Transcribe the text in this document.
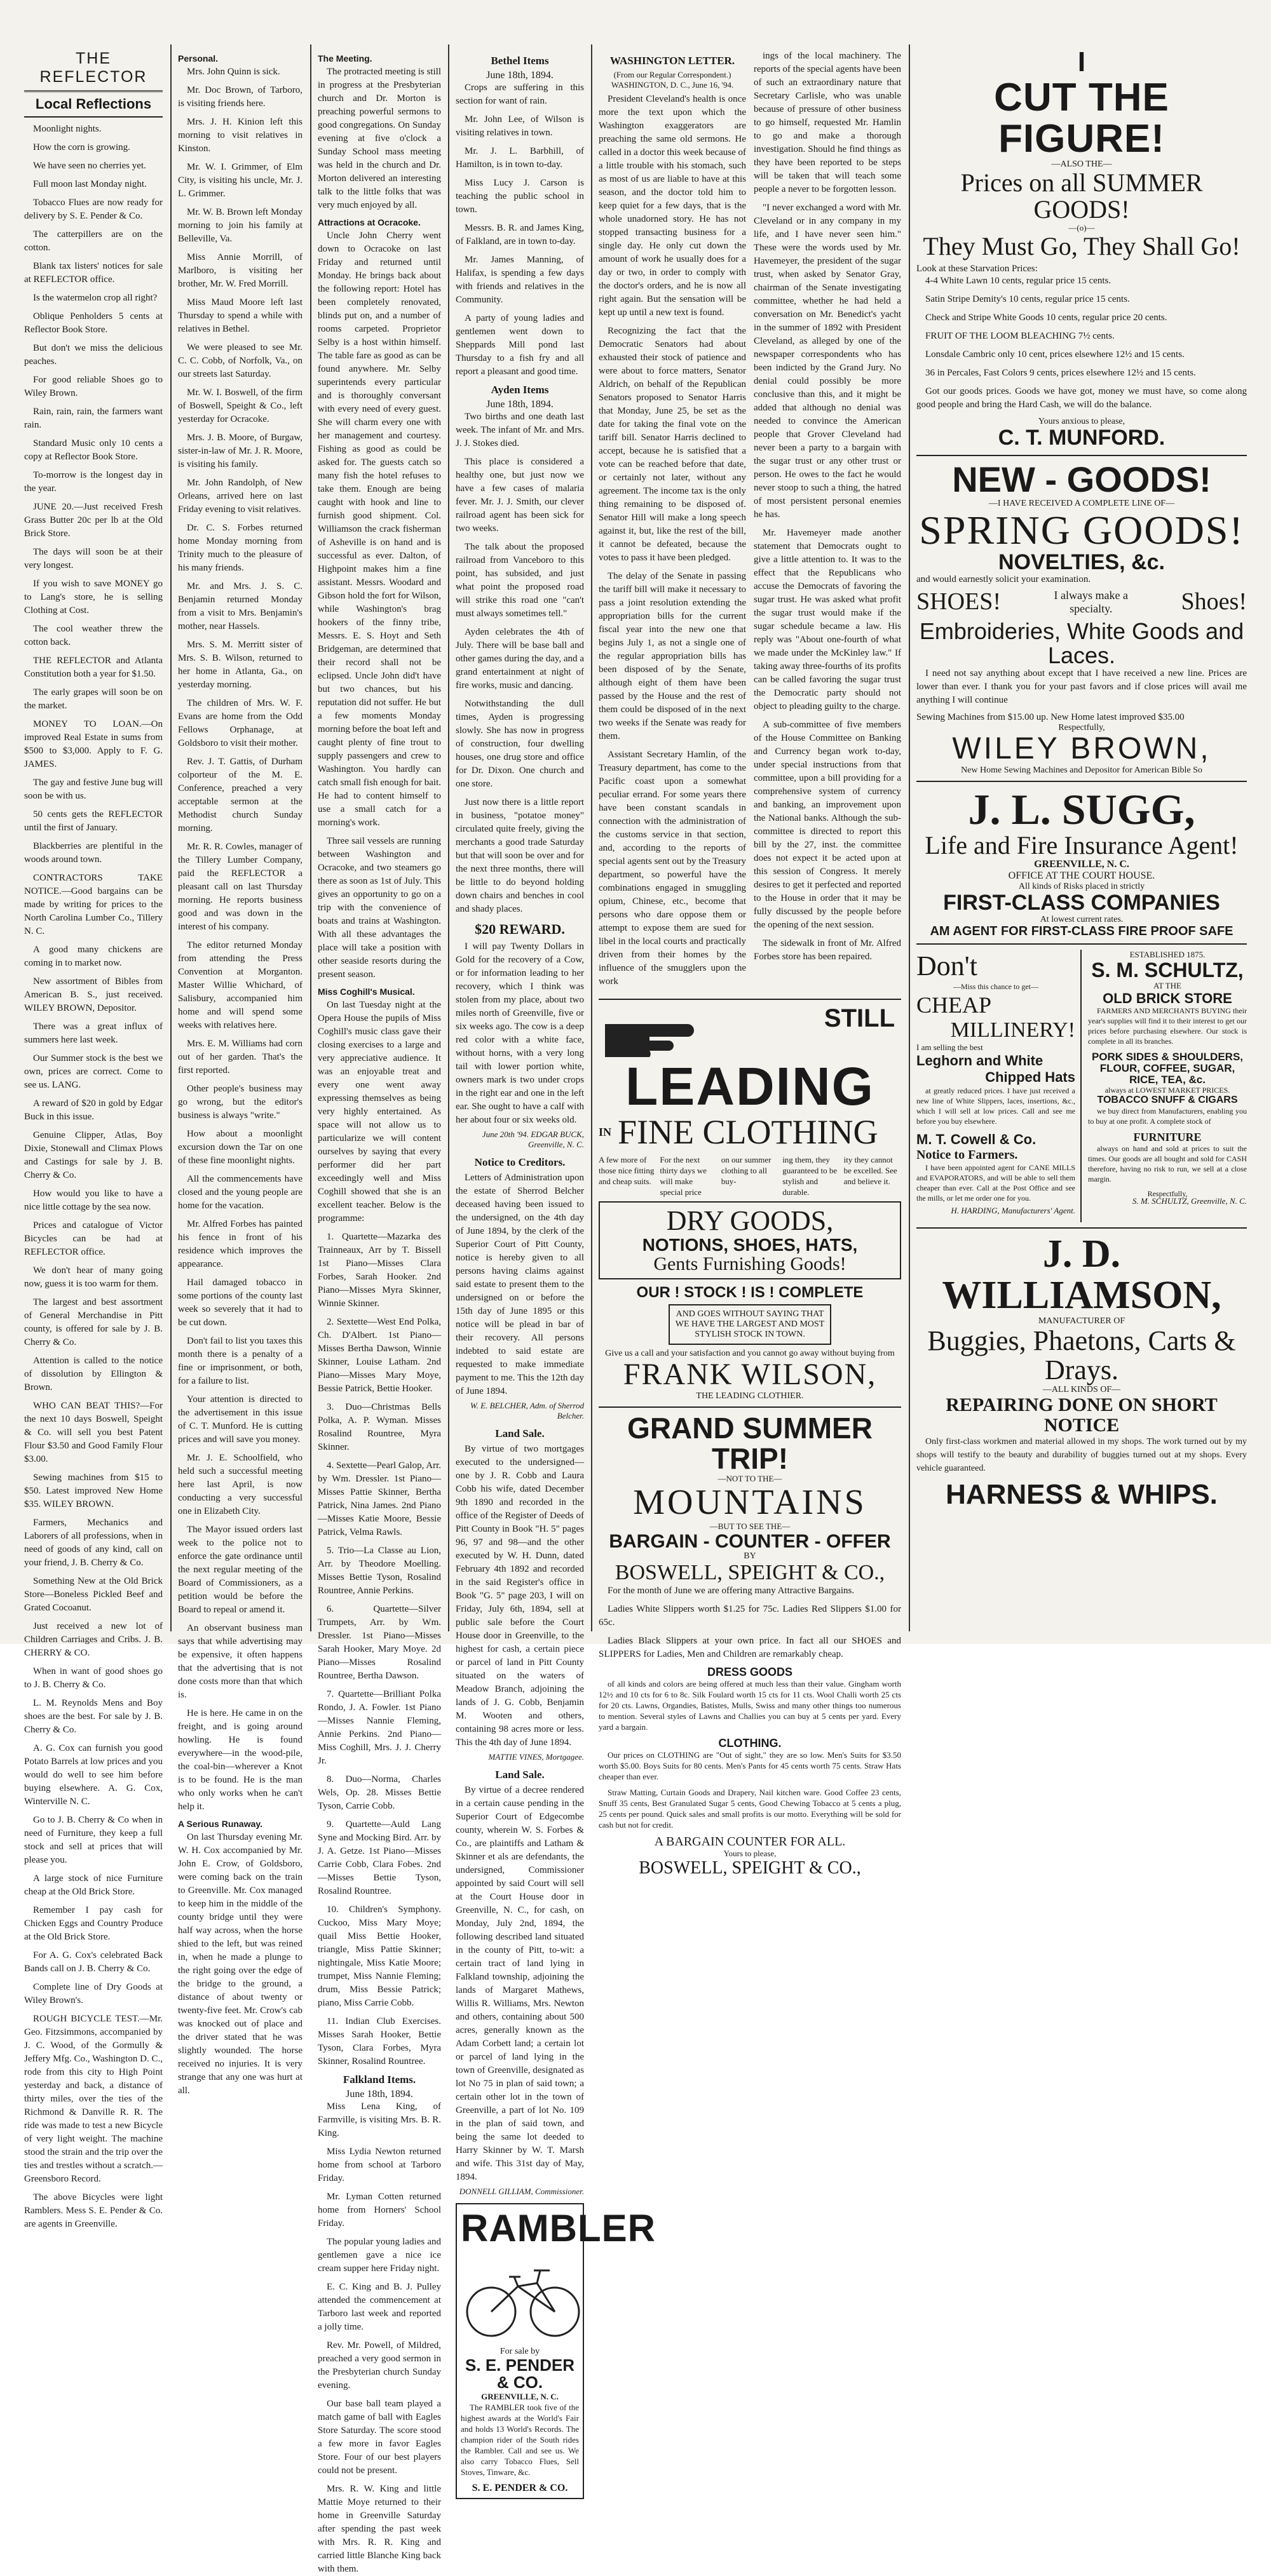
THE REFLECTOR
Local Reflections

Moonlight nights.

How the corn is growing.

We have seen no cherries yet.

Full moon last Monday night.

Tobacco Flues are now ready for delivery by S. E. Pender & Co.

The catterpillers are on the cotton.

Blank tax listers' notices for sale at REFLECTOR office.

Is the watermelon crop all right?

Oblique Penholders 5 cents at Reflector Book Store.

But don't we miss the delicious peaches.

For good reliable Shoes go to Wiley Brown.

Rain, rain, rain, the farmers want rain.

Standard Music only 10 cents a copy at Reflector Book Store.

To-morrow is the longest day in the year.

JUNE 20.—Just received Fresh Grass Butter 20c per lb at the Old Brick Store.

The days will soon be at their very longest.

If you wish to save MONEY go to Lang's store, he is selling Clothing at Cost.

The cool weather threw the cotton back.

THE REFLECTOR and Atlanta Constitution both a year for $1.50.

The early grapes will soon be on the market.

MONEY TO LOAN.—On improved Real Estate in sums from $500 to $3,000. Apply to F. G. JAMES.

The gay and festive June bug will soon be with us.

50 cents gets the REFLECTOR until the first of January.

Blackberries are plentiful in the woods around town.

CONTRACTORS TAKE NOTICE.—Good bargains can be made by writing for prices to the North Carolina Lumber Co., Tillery N. C.

A good many chickens are coming in to market now.

New assortment of Bibles from American B. S., just received. WILEY BROWN, Depositor.

There was a great influx of summers here last week.

Our Summer stock is the best we own, prices are correct. Come to see us. LANG.

A reward of $20 in gold by Edgar Buck in this issue.

Genuine Clipper, Atlas, Boy Dixie, Stonewall and Climax Plows and Castings for sale by J. B. Cherry & Co.

How would you like to have a nice little cottage by the sea now.

Prices and catalogue of Victor Bicycles can be had at REFLECTOR office.

We don't hear of many going now, guess it is too warm for them.

The largest and best assortment of General Merchandise in Pitt county, is offered for sale by J. B. Cherry & Co.

Attention is called to the notice of dissolution by Ellington & Brown.

WHO CAN BEAT THIS?—For the next 10 days Boswell, Speight & Co. will sell you best Patent Flour $3.50 and Good Family Flour $3.00.

Sewing machines from $15 to $50. Latest improved New Home $35. WILEY BROWN.

Farmers, Mechanics and Laborers of all professions, when in need of goods of any kind, call on your friend, J. B. Cherry & Co.

Something New at the Old Brick Store—Boneless Pickled Beef and Grated Cocoanut.

Just received a new lot of Children Carriages and Cribs. J. B. CHERRY & CO.

When in want of good shoes go to J. B. Cherry & Co.

L. M. Reynolds Mens and Boy shoes are the best. For sale by J. B. Cherry & Co.

A. G. Cox can furnish you good Potato Barrels at low prices and you would do well to see him before buying elsewhere. A. G. Cox, Winterville N. C.

Go to J. B. Cherry & Co when in need of Furniture, they keep a full stock and sell at prices that will please you.

A large stock of nice Furniture cheap at the Old Brick Store.

Remember I pay cash for Chicken Eggs and Country Produce at the Old Brick Store.

For A. G. Cox's celebrated Back Bands call on J. B. Cherry & Co.

Complete line of Dry Goods at Wiley Brown's.

ROUGH BICYCLE TEST.—Mr. Geo. Fitzsimmons, accompanied by J. C. Wood, of the Gormully & Jeffery Mfg. Co., Washington D. C., rode from this city to High Point yesterday and back, a distance of thirty miles, over the ties of the Richmond & Danville R. R. The ride was made to test a new Bicycle of very light weight. The machine stood the strain and the trip over the ties and trestles without a scratch.—Greensboro Record.

The above Bicycles were light Ramblers. Mess S. E. Pender & Co. are agents in Greenville.

Personal.

Mrs. John Quinn is sick.

Mr. Doc Brown, of Tarboro, is visiting friends here.

Mrs. J. H. Kinion left this morning to visit relatives in Kinston.

Mr. W. I. Grimmer, of Elm City, is visiting his uncle, Mr. J. L. Grimmer.

Mr. W. B. Brown left Monday morning to join his family at Belleville, Va.

Miss Annie Morrill, of Marlboro, is visiting her brother, Mr. W. Fred Morrill.

Miss Maud Moore left last Thursday to spend a while with relatives in Bethel.

We were pleased to see Mr. C. C. Cobb, of Norfolk, Va., on our streets last Saturday.

Mr. W. I. Boswell, of the firm of Boswell, Speight & Co., left yesterday for Ocracoke.

Mrs. J. B. Moore, of Burgaw, sister-in-law of Mr. J. R. Moore, is visiting his family.

Mr. John Randolph, of New Orleans, arrived here on last Friday evening to visit relatives.

Dr. C. S. Forbes returned home Monday morning from Trinity much to the pleasure of his many friends.

Mr. and Mrs. J. S. C. Benjamin returned Monday from a visit to Mrs. Benjamin's mother, near Hassels.

Mrs. S. M. Merritt sister of Mrs. S. B. Wilson, returned to her home in Atlanta, Ga., on yesterday morning.

The children of Mrs. W. F. Evans are home from the Odd Fellows Orphanage, at Goldsboro to visit their mother.

Rev. J. T. Gattis, of Durham colporteur of the M. E. Conference, preached a very acceptable sermon at the Methodist church Sunday morning.

Mr. R. R. Cowles, manager of the Tillery Lumber Company, paid the REFLECTOR a pleasant call on last Thursday morning. He reports business good and was down in the interest of his company.

The editor returned Monday from attending the Press Convention at Morganton. Master Willie Whichard, of Salisbury, accompanied him home and will spend some weeks with relatives here.

Mrs. E. M. Williams had corn out of her garden. That's the first reported.

Other people's business may go wrong, but the editor's business is always "write."

How about a moonlight excursion down the Tar on one of these fine moonlight nights.

All the commencements have closed and the young people are home for the vacation.

Mr. Alfred Forbes has painted his fence in front of his residence which improves the appearance.

Hail damaged tobacco in some portions of the county last week so severely that it had to be cut down.

Don't fail to list you taxes this month there is a penalty of a fine or imprisonment, or both, for a failure to list.

Your attention is directed to the advertisement in this issue of C. T. Munford. He is cutting prices and will save you money.

Mr. J. E. Schoolfield, who held such a successful meeting here last April, is now conducting a very successful one in Elizabeth City.

The Mayor issued orders last week to the police not to enforce the gate ordinance until the next regular meeting of the Board of Commissioners, as a petition would be before the Board to repeal or amend it.

An observant business man says that while advertising may be expensive, it often happens that the advertising that is not done costs more than that which is.

He is here. He came in on the freight, and is going around howling. He is found everywhere—in the wood-pile, the coal-bin—wherever a Knot is to be found. He is the man who only works when he can't help it.

A Serious Runaway.

On last Thursday evening Mr. W. H. Cox accompanied by Mr. John E. Crow, of Goldsboro, were coming back on the train to Greenville. Mr. Cox managed to keep him in the middle of the county bridge until they were half way across, when the horse shied to the left, but was reined in, when he made a plunge to the right going over the edge of the bridge to the ground, a distance of about twenty or twenty-five feet. Mr. Crow's cab was knocked out of place and the driver stated that he was slightly wounded. The horse received no injuries. It is very strange that any one was hurt at all.

The Meeting.

The protracted meeting is still in progress at the Presbyterian church and Dr. Morton is preaching powerful sermons to good congregations. On Sunday evening at five o'clock a Sunday School mass meeting was held in the church and Dr. Morton delivered an interesting talk to the little folks that was very much enjoyed by all.

Attractions at Ocracoke.

Uncle John Cherry went down to Ocracoke on last Friday and returned until Monday. He brings back about the following report: Hotel has been completely renovated, blinds put on, and a number of rooms carpeted. Proprietor Selby is a host within himself. The table fare as good as can be found anywhere. Mr. Selby superintends every particular and is thoroughly conversant with every need of every guest. She will charm every one with her management and courtesy. Fishing as good as could be asked for. The guests catch so many fish the hotel refuses to take them. Enough are being caught with hook and line to furnish good shipment. Col. Williamson the crack fisherman of Asheville is on hand and is successful as ever. Dalton, of Highpoint makes him a fine assistant. Messrs. Woodard and Gibson hold the fort for Wilson, while Washington's brag hookers of the finny tribe, Messrs. E. S. Hoyt and Seth Bridgeman, are determined that their record shall not be eclipsed. Uncle John did't have but two chances, but his reputation did not suffer. He but a few moments Monday morning before the boat left and caught plenty of fine trout to supply passengers and crew to Washington. You hardly can catch small fish enough for bait. He had to content himself to use a small catch for a morning's work.

Three sail vessels are running between Washington and Ocracoke, and two steamers go there as soon as 1st of July. This gives an opportunity to go on a trip with the convenience of boats and trains at Washington. With all these advantages the place will take a position with other seaside resorts during the present season.

Miss Coghill's Musical.

On last Tuesday night at the Opera House the pupils of Miss Coghill's music class gave their closing exercises to a large and very appreciative audience. It was an enjoyable treat and every one went away expressing themselves as being very highly entertained. As space will not allow us to particularize we will content ourselves by saying that every performer did her part exceedingly well and Miss Coghill showed that she is an excellent teacher. Below is the programme:

1. Quartette—Mazarka des Trainneaux, Arr by T. Bissell 1st Piano—Misses Clara Forbes, Sarah Hooker. 2nd Piano—Misses Myra Skinner, Winnie Skinner.

2. Sextette—West End Polka, Ch. D'Albert. 1st Piano—Misses Bertha Dawson, Winnie Skinner, Louise Latham. 2nd Piano—Misses Mary Moye, Bessie Patrick, Bettie Hooker.

3. Duo—Christmas Bells Polka, A. P. Wyman. Misses Rosalind Rountree, Myra Skinner.

4. Sextette—Pearl Galop, Arr. by Wm. Dressler. 1st Piano—Misses Pattie Skinner, Bertha Patrick, Nina James. 2nd Piano—Misses Katie Moore, Bessie Patrick, Velma Rawls.

5. Trio—La Classe au Lion, Arr. by Theodore Moelling. Misses Bettie Tyson, Rosalind Rountree, Annie Perkins.

6. Quartette—Silver Trumpets, Arr. by Wm. Dressler. 1st Piano—Misses Sarah Hooker, Mary Moye. 2d Piano—Misses Rosalind Rountree, Bertha Dawson.

7. Quartette—Brilliant Polka Rondo, J. A. Fowler. 1st Piano—Misses Nannie Fleming, Annie Perkins. 2nd Piano—Miss Coghill, Mrs. J. J. Cherry Jr.

8. Duo—Norma, Charles Wels, Op. 28. Misses Bettie Tyson, Carrie Cobb.

9. Quartette—Auld Lang Syne and Mocking Bird. Arr. by J. A. Getze. 1st Piano—Misses Carrie Cobb, Clara Fobes. 2nd—Misses Bettie Tyson, Rosalind Rountree.

10. Children's Symphony. Cuckoo, Miss Mary Moye; quail Miss Bettie Hooker, triangle, Miss Pattie Skinner; nightingale, Miss Katie Moore; trumpet, Miss Nannie Fleming; drum, Miss Bessie Patrick; piano, Miss Carrie Cobb.

11. Indian Club Exercises. Misses Sarah Hooker, Bettie Tyson, Clara Forbes, Myra Skinner, Rosalind Rountree.

Falkland Items.
June 18th, 1894.

Miss Lena King, of Farmville, is visiting Mrs. B. R. King.

Miss Lydia Newton returned home from school at Tarboro Friday.

Mr. Lyman Cotten returned home from Horners' School Friday.

The popular young ladies and gentlemen gave a nice ice cream supper here Friday night.

E. C. King and B. J. Pulley attended the commencement at Tarboro last week and reported a jolly time.

Rev. Mr. Powell, of Mildred, preached a very good sermon in the Presbyterian church Sunday evening.

Our base ball team played a match game of ball with Eagles Store Saturday. The score stood a few more in favor Eagles Store. Four of our best players could not be present.

Mrs. R. W. King and little Mattie Moye returned to their home in Greenville Saturday after spending the past week with Mrs. R. R. King and carried little Blanche King back with them.

Bethel Items
June 18th, 1894.

Crops are suffering in this section for want of rain.

Mr. John Lee, of Wilson is visiting relatives in town.

Mr. J. L. Barbhill, of Hamilton, is in town to-day.

Miss Lucy J. Carson is teaching the public school in town.

Messrs. B. R. and James King, of Falkland, are in town to-day.

Mr. James Manning, of Halifax, is spending a few days with friends and relatives in the Community.

A party of young ladies and gentlemen went down to Sheppards Mill pond last Thursday to a fish fry and all report a pleasant and good time.

Ayden Items
June 18th, 1894.

Two births and one death last week. The infant of Mr. and Mrs. J. J. Stokes died.

This place is considered a healthy one, but just now we have a few cases of malaria fever. Mr. J. J. Smith, our clever railroad agent has been sick for two weeks.

The talk about the proposed railroad from Vanceboro to this point, has subsided, and just what point the proposed road will strike this road one "can't must always sometimes tell."

Ayden celebrates the 4th of July. There will be base ball and other games during the day, and a grand entertainment at night of fire works, music and dancing.

Notwithstanding the dull times, Ayden is progressing slowly. She has now in progress of construction, four dwelling houses, one drug store and office for Dr. Dixon. One church and one store.

Just now there is a little report in business, "potatoe money" circulated quite freely, giving the merchants a good trade Saturday but that will soon be over and for the next three months, there will be little to do beyond holding down chairs and benches in cool and shady places.

$20 REWARD.

I will pay Twenty Dollars in Gold for the recovery of a Cow, or for information leading to her recovery, which I think was stolen from my place, about two miles north of Greenville, five or six weeks ago. The cow is a deep red color with a white face, without horns, with a very long tail with lower portion white, owners mark is two under crops in the right ear and one in the left ear. She ought to have a calf with her about four or six weeks old.

June 20th '94. EDGAR BUCK, Greenville, N. C.
Notice to Creditors.

Letters of Administration upon the estate of Sherrod Belcher deceased having been issued to the undersigned, on the 4th day of June 1894, by the clerk of the Superior Court of Pitt County, notice is hereby given to all persons having claims against said estate to present them to the undersigned on or before the 15th day of June 1895 or this notice will be plead in bar of their recovery. All persons indebted to said estate are requested to make immediate payment to me. This the 12th day of June 1894.

W. E. BELCHER, Adm. of Sherrod Belcher.
Land Sale.

By virtue of two mortgages executed to the undersigned—one by J. R. Cobb and Laura Cobb his wife, dated December 9th 1890 and recorded in the office of the Register of Deeds of Pitt County in Book "H. 5" pages 96, 97 and 98—and the other executed by W. H. Dunn, dated February 4th 1892 and recorded in the said Register's office in Book "G. 5" page 203, I will on Friday, July 6th, 1894, sell at public sale before the Court House door in Greenville, to the highest for cash, a certain piece or parcel of land in Pitt County situated on the waters of Meadow Branch, adjoining the lands of J. G. Cobb, Benjamin M. Wooten and others, containing 98 acres more or less. This the 4th day of June 1894.

MATTIE VINES, Mortgagee.
Land Sale.

By virtue of a decree rendered in a certain cause pending in the Superior Court of Edgecombe county, wherein W. S. Forbes & Co., are plaintiffs and Latham & Skinner et als are defendants, the undersigned, Commissioner appointed by said Court will sell at the Court House door in Greenville, N. C., for cash, on Monday, July 2nd, 1894, the following described land situated in the county of Pitt, to-wit: a certain tract of land lying in Falkland township, adjoining the lands of Margaret Mathews, Willis R. Williams, Mrs. Newton and others, containing about 500 acres, generally known as the Adam Corbett land; a certain lot or parcel of land lying in the town of Greenville, designated as lot No 75 in plan of said town; a certain other lot in the town of Greenville, a part of lot No. 109 in the plan of said town, and being the same lot deeded to Harry Skinner by W. T. Marsh and wife. This 31st day of May, 1894.

DONNELL GILLIAM, Commissioner.
RAMBLER
For sale by
S. E. PENDER & CO.
GREENVILLE, N. C.

The RAMBLER took five of the highest awards at the World's Fair and holds 13 World's Records. The champion rider of the South rides the Rambler. Call and see us. We also carry Tobacco Flues, Sell Stoves, Tinware, &c.

S. E. PENDER & CO.
WASHINGTON LETTER.
(From our Regular Correspondent.) WASHINGTON, D. C., June 16, '94.

President Cleveland's health is once more the text upon which the Washington exaggerators are preaching the same old sermons. He called in a doctor this week because of a little trouble with his stomach, such as most of us are liable to have at this season, and the doctor told him to keep quiet for a few days, that is the whole unadorned story. He has not stopped transacting business for a single day. He only cut down the amount of work he usually does for a day or two, in order to comply with the doctor's orders, and he is now all right again. But the sensation will be kept up until a new text is found.

Recognizing the fact that the Democratic Senators had about exhausted their stock of patience and were about to force matters, Senator Aldrich, on behalf of the Republican Senators proposed to Senator Harris that Monday, June 25, be set as the date for taking the final vote on the tariff bill. Senator Harris declined to accept, because he is satisfied that a vote can be reached before that date, or certainly not later, without any agreement. The income tax is the only thing remaining to be disposed of. Senator Hill will make a long speech against it, but, like the rest of the bill, it cannot be defeated, because the votes to pass it have been pledged.

The delay of the Senate in passing the tariff bill will make it necessary to pass a joint resolution extending the appropriation bills for the current fiscal year into the new one that begins July 1, as not a single one of the regular appropriation bills has been disposed of by the Senate, although eight of them have been passed by the House and the rest of them could be disposed of in the next two weeks if the Senate was ready for them.

Assistant Secretary Hamlin, of the Treasury department, has come to the Pacific coast upon a somewhat peculiar errand. For some years there have been constant scandals in connection with the administration of the customs service in that section, and, according to the reports of special agents sent out by the Treasury department, so powerful have the combinations engaged in smuggling opium, Chinese, etc., become that persons who dare oppose them or attempt to expose them are sued for libel in the local courts and practically driven from their homes by the influence of the smugglers upon the work

ings of the local machinery. The reports of the special agents have been of such an extraordinary nature that Secretary Carlisle, who was unable because of pressure of other business to go himself, requested Mr. Hamlin to go and make a thorough investigation. Should he find things as they have been reported to be steps will be taken that will teach some people a never to be forgotten lesson.

"I never exchanged a word with Mr. Cleveland or in any company in my life, and I have never seen him." These were the words used by Mr. Havemeyer, the president of the sugar trust, when asked by Senator Gray, chairman of the Senate investigating committee, whether he had held a conversation on Mr. Benedict's yacht in the summer of 1892 with President Cleveland, as alleged by one of the newspaper correspondents who has been indicted by the Grand Jury. No denial could possibly be more conclusive than this, and it might be added that although no denial was needed to convince the American people that Grover Cleveland had never been a party to a bargain with the sugar trust or any other trust or person. He owes to the fact he would never stoop to such a thing, the hatred of most persistent personal enemies he has.

Mr. Havemeyer made another statement that Democrats ought to give a little attention to. It was to the effect that the Republicans who accuse the Democrats of favoring the sugar trust. He was asked what profit the sugar trust would make if the sugar schedule became a law. His reply was "About one-fourth of what we made under the McKinley law." If taking away three-fourths of its profits can be called favoring the sugar trust the Democratic party should not object to pleading guilty to the charge.

A sub-committee of five members of the House Committee on Banking and Currency began work to-day, under special instructions from that committee, upon a bill providing for a comprehensive system of currency and banking, an improvement upon the National banks. Although the sub-committee is directed to report this bill by the 27, inst. the committee does not expect it be acted upon at this session of Congress. It merely desires to get it perfected and reported to the House in order that it may be fully discussed by the people before the opening of the next session.

The sidewalk in front of Mr. Alfred Forbes store has been repaired.

STILL
LEADING
IN FINE CLOTHING
A few more of those nice fitting and cheap suits.
For the next thirty days we will make special price
on our summer clothing to all buy-
ing them, they guaranteed to be stylish and durable.
ity they cannot be excelled. See and believe it.
DRY GOODS,
NOTIONS, SHOES, HATS,
Gents Furnishing Goods!
OUR ! STOCK ! IS ! COMPLETE
AND GOES WITHOUT SAYING THAT WE HAVE THE LARGEST AND MOST STYLISH STOCK IN TOWN.
Give us a call and your satisfaction and you cannot go away without buying from
FRANK WILSON,
THE LEADING CLOTHIER.
GRAND SUMMER TRIP!
—NOT TO THE—
MOUNTAINS
—BUT TO SEE THE—
BARGAIN - COUNTER - OFFER
BY
BOSWELL, SPEIGHT & CO.,

For the month of June we are offering many Attractive Bargains.

Ladies White Slippers worth $1.25 for 75c. Ladies Red Slippers $1.00 for 65c.

Ladies Black Slippers at your own price. In fact all our SHOES and SLIPPERS for Ladies, Men and Children are remarkably cheap.

DRESS GOODS

of all kinds and colors are being offered at much less than their value. Gingham worth 12½ and 10 cts for 6 to 8c. Silk Foulard worth 15 cts for 11 cts. Wool Challi worth 25 cts for 20 cts. Lawns, Organdies, Batistes, Mulls, Swiss and many other things too numerous to mention. Several styles of Lawns and Challies you can buy at 5 cents per yard. Every yard a bargain.

CLOTHING.

Our prices on CLOTHING are "Out of sight," they are so low. Men's Suits for $3.50 worth $5.00. Boys Suits for 80 cents. Men's Pants for 45 cents worth 75 cents. Straw Hats cheaper than ever.

Straw Matting, Curtain Goods and Drapery, Nail kitchen ware. Good Coffee 23 cents, Snuff 35 cents, Best Granulated Sugar 5 cents, Good Chewing Tobacco at 5 cents a plug, 25 cents per pound. Quick sales and small profits is our motto. Everything will be sold for cash but not for credit.

A BARGAIN COUNTER FOR ALL.
Yours to please,
BOSWELL, SPEIGHT & CO.,
I
CUT THE FIGURE!
—ALSO THE—
Prices on all SUMMER GOODS!
—(o)—
They Must Go, They Shall Go!
Look at these Starvation Prices:

4-4 White Lawn 10 cents, regular price 15 cents.

Satin Stripe Demity's 10 cents, regular price 15 cents.

Check and Stripe White Goods 10 cents, regular price 20 cents.

FRUIT OF THE LOOM BLEACHING 7½ cents.

Lonsdale Cambric only 10 cent, prices elsewhere 12½ and 15 cents.

36 in Percales, Fast Colors 9 cents, prices elsewhere 12½ and 15 cents.

Got our goods prices. Goods we have got, money we must have, so come along good people and bring the Hard Cash, we will do the balance.

Yours anxious to please,
C. T. MUNFORD.
NEW - GOODS!
—I HAVE RECEIVED A COMPLETE LINE OF—
SPRING GOODS!
NOVELTIES, &c.
and would earnestly solicit your examination.
SHOES!	I always make a specialty.	Shoes!
Embroideries, White Goods and Laces.

I need not say anything about except that I have received a new line. Prices are lower than ever. I thank you for your past favors and if close prices will avail me anything I will continue

Sewing Machines from $15.00 up. New Home latest improved $35.00
Respectfully,
WILEY BROWN,
New Home Sewing Machines and Depositor for American Bible So
J. L. SUGG,
Life and Fire Insurance Agent!
GREENVILLE, N. C.
OFFICE AT THE COURT HOUSE.
All kinds of Risks placed in strictly
FIRST-CLASS COMPANIES
At lowest current rates.
AM AGENT FOR FIRST-CLASS FIRE PROOF SAFE
Don't
—Miss this chance to get—
CHEAP
MILLINERY!
I am selling the best
Leghorn and White
Chipped Hats

at greatly reduced prices. I have just received a new line of White Slippers, laces, insertions, &c., which I will sell at low prices. Call and see me before you buy elsewhere.

M. T. Cowell & Co.
Notice to Farmers.

I have been appointed agent for CANE MILLS and EVAPORATORS, and will be able to sell them cheaper than ever. Call at the Post Office and see the mills, or let me order one for you.

H. HARDING, Manufacturers' Agent.
ESTABLISHED 1875.
S. M. SCHULTZ,
AT THE
OLD BRICK STORE

FARMERS AND MERCHANTS BUYING their year's supplies will find it to their interest to get our prices before purchasing elsewhere. Our stock is complete in all its branches.

PORK SIDES & SHOULDERS,
FLOUR, COFFEE, SUGAR,
RICE, TEA, &c.
always at LOWEST MARKET PRICES.
TOBACCO SNUFF & CIGARS

we buy direct from Manufacturers, enabling you to buy at one profit. A complete stock of

FURNITURE

always on hand and sold at prices to suit the times. Our goods are all bought and sold for CASH therefore, having no risk to run, we sell at a close margin.

Respectfully,
S. M. SCHULTZ, Greenville, N. C.
J. D. WILLIAMSON,
MANUFACTURER OF
Buggies, Phaetons, Carts & Drays.
—ALL KINDS OF—
REPAIRING DONE ON SHORT NOTICE

Only first-class workmen and material allowed in my shops. The work turned out by my shops will testify to the beauty and durability of buggies turned out at my shops. Every vehicle guaranteed.

HARNESS & WHIPS.
